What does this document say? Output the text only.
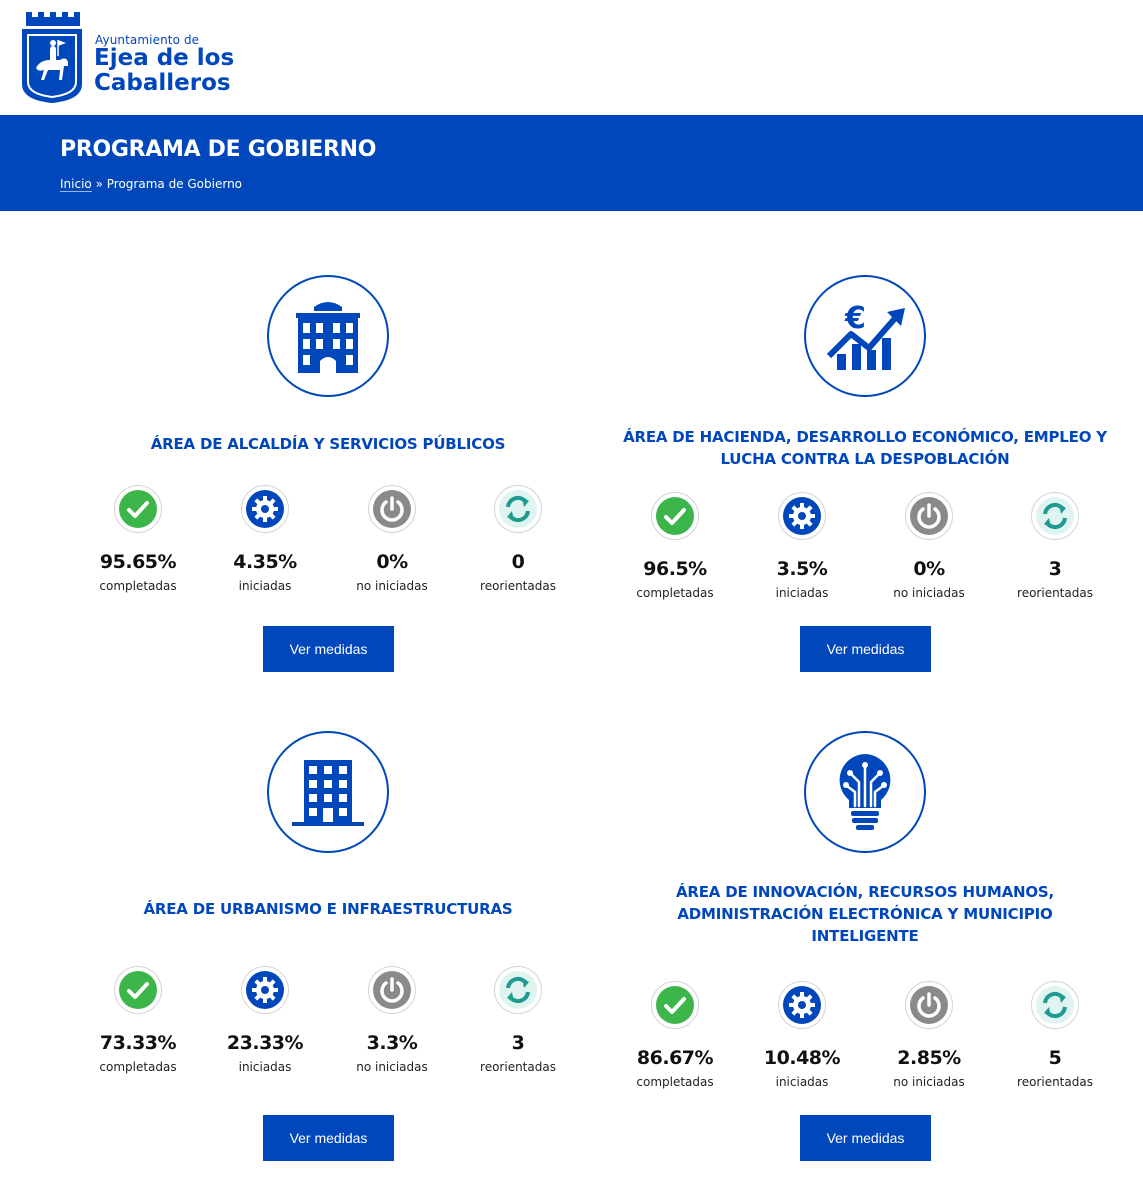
Ayuntamiento de
Ejea de los Caballeros
PROGRAMA DE GOBIERNO
Inicio » Programa de Gobierno
ÁREA DE ALCALDÍA Y SERVICIOS PÚBLICOS
95.65%
completadas
4.35%
iniciadas
0%
no iniciadas
0
reorientadas
Ver medidas
€
ÁREA DE HACIENDA, DESARROLLO ECONÓMICO, EMPLEO Y LUCHA CONTRA LA DESPOBLACIÓN
96.5%
completadas
3.5%
iniciadas
0%
no iniciadas
3
reorientadas
Ver medidas
ÁREA DE URBANISMO E INFRAESTRUCTURAS
73.33%
completadas
23.33%
iniciadas
3.3%
no iniciadas
3
reorientadas
Ver medidas
ÁREA DE INNOVACIÓN, RECURSOS HUMANOS, ADMINISTRACIÓN ELECTRÓNICA Y MUNICIPIO INTELIGENTE
86.67%
completadas
10.48%
iniciadas
2.85%
no iniciadas
5
reorientadas
Ver medidas
